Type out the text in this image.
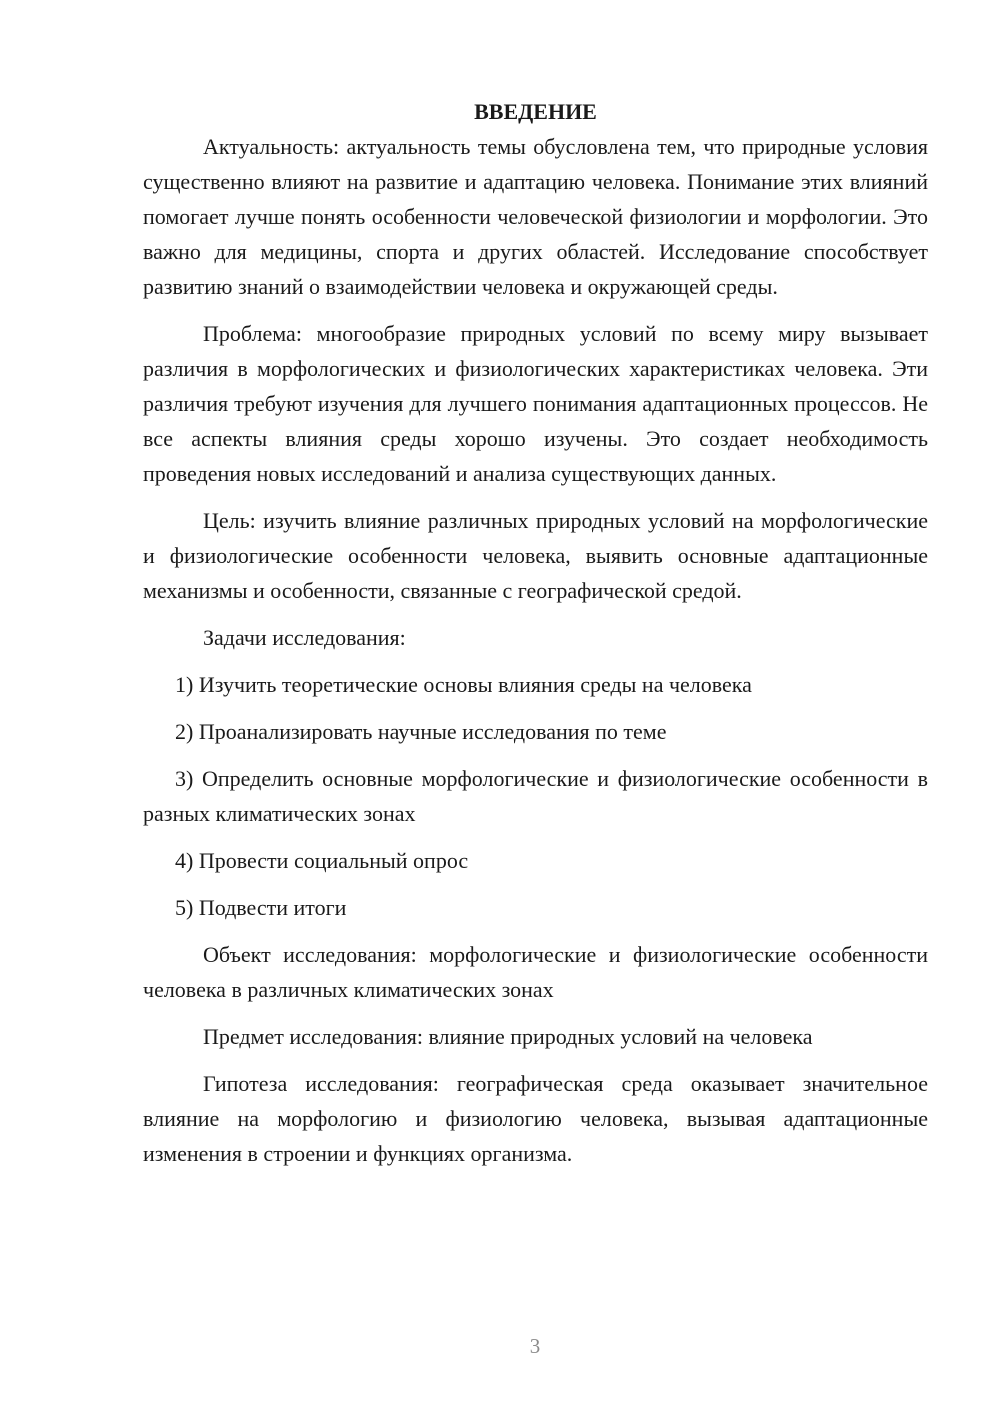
ВВЕДЕНИЕ

Актуальность: актуальность темы обусловлена тем, что природные условия существенно влияют на развитие и адаптацию человека. Понимание этих влияний помогает лучше понять особенности человеческой физиологии и морфологии. Это важно для медицины, спорта и других областей. Исследование способствует развитию знаний о взаимодействии человека и окружающей среды.

Проблема: многообразие природных условий по всему миру вызывает различия в морфологических и физиологических характеристиках человека. Эти различия требуют изучения для лучшего понимания адаптационных процессов. Не все аспекты влияния среды хорошо изучены. Это создает необходимость проведения новых исследований и анализа существующих данных.

Цель: изучить влияние различных природных условий на морфологические и физиологические особенности человека, выявить основные адаптационные механизмы и особенности, связанные с географической средой.

Задачи исследования:

1) Изучить теоретические основы влияния среды на человека

2) Проанализировать научные исследования по теме

3) Определить основные морфологические и физиологические особенности в разных климатических зонах

4) Провести социальный опрос

5) Подвести итоги

Объект исследования: морфологические и физиологические особенности человека в различных климатических зонах

Предмет исследования: влияние природных условий на человека

Гипотеза исследования: географическая среда оказывает значительное влияние на морфологию и физиологию человека, вызывая адаптационные изменения в строении и функциях организма.

3
